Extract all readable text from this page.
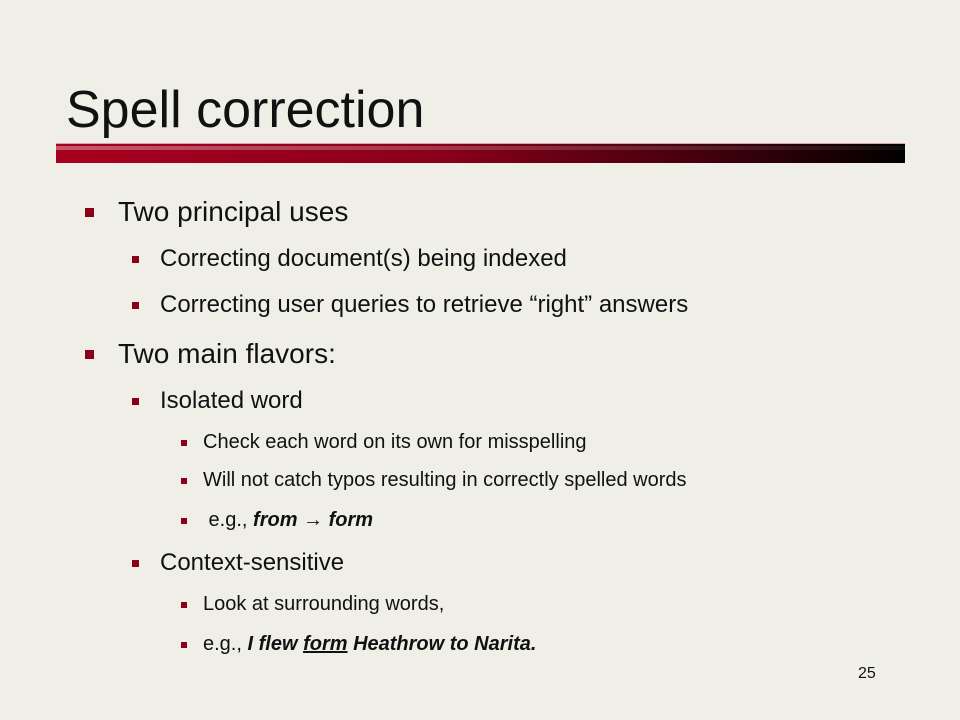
Spell correction
Two principal uses
Correcting document(s) being indexed
Correcting user queries to retrieve “right” answers
Two main flavors:
Isolated word
Check each word on its own for misspelling
Will not catch typos resulting in correctly spelled words
e.g., from → form
Context-sensitive
Look at surrounding words,
e.g., I flew form Heathrow to Narita.
25
